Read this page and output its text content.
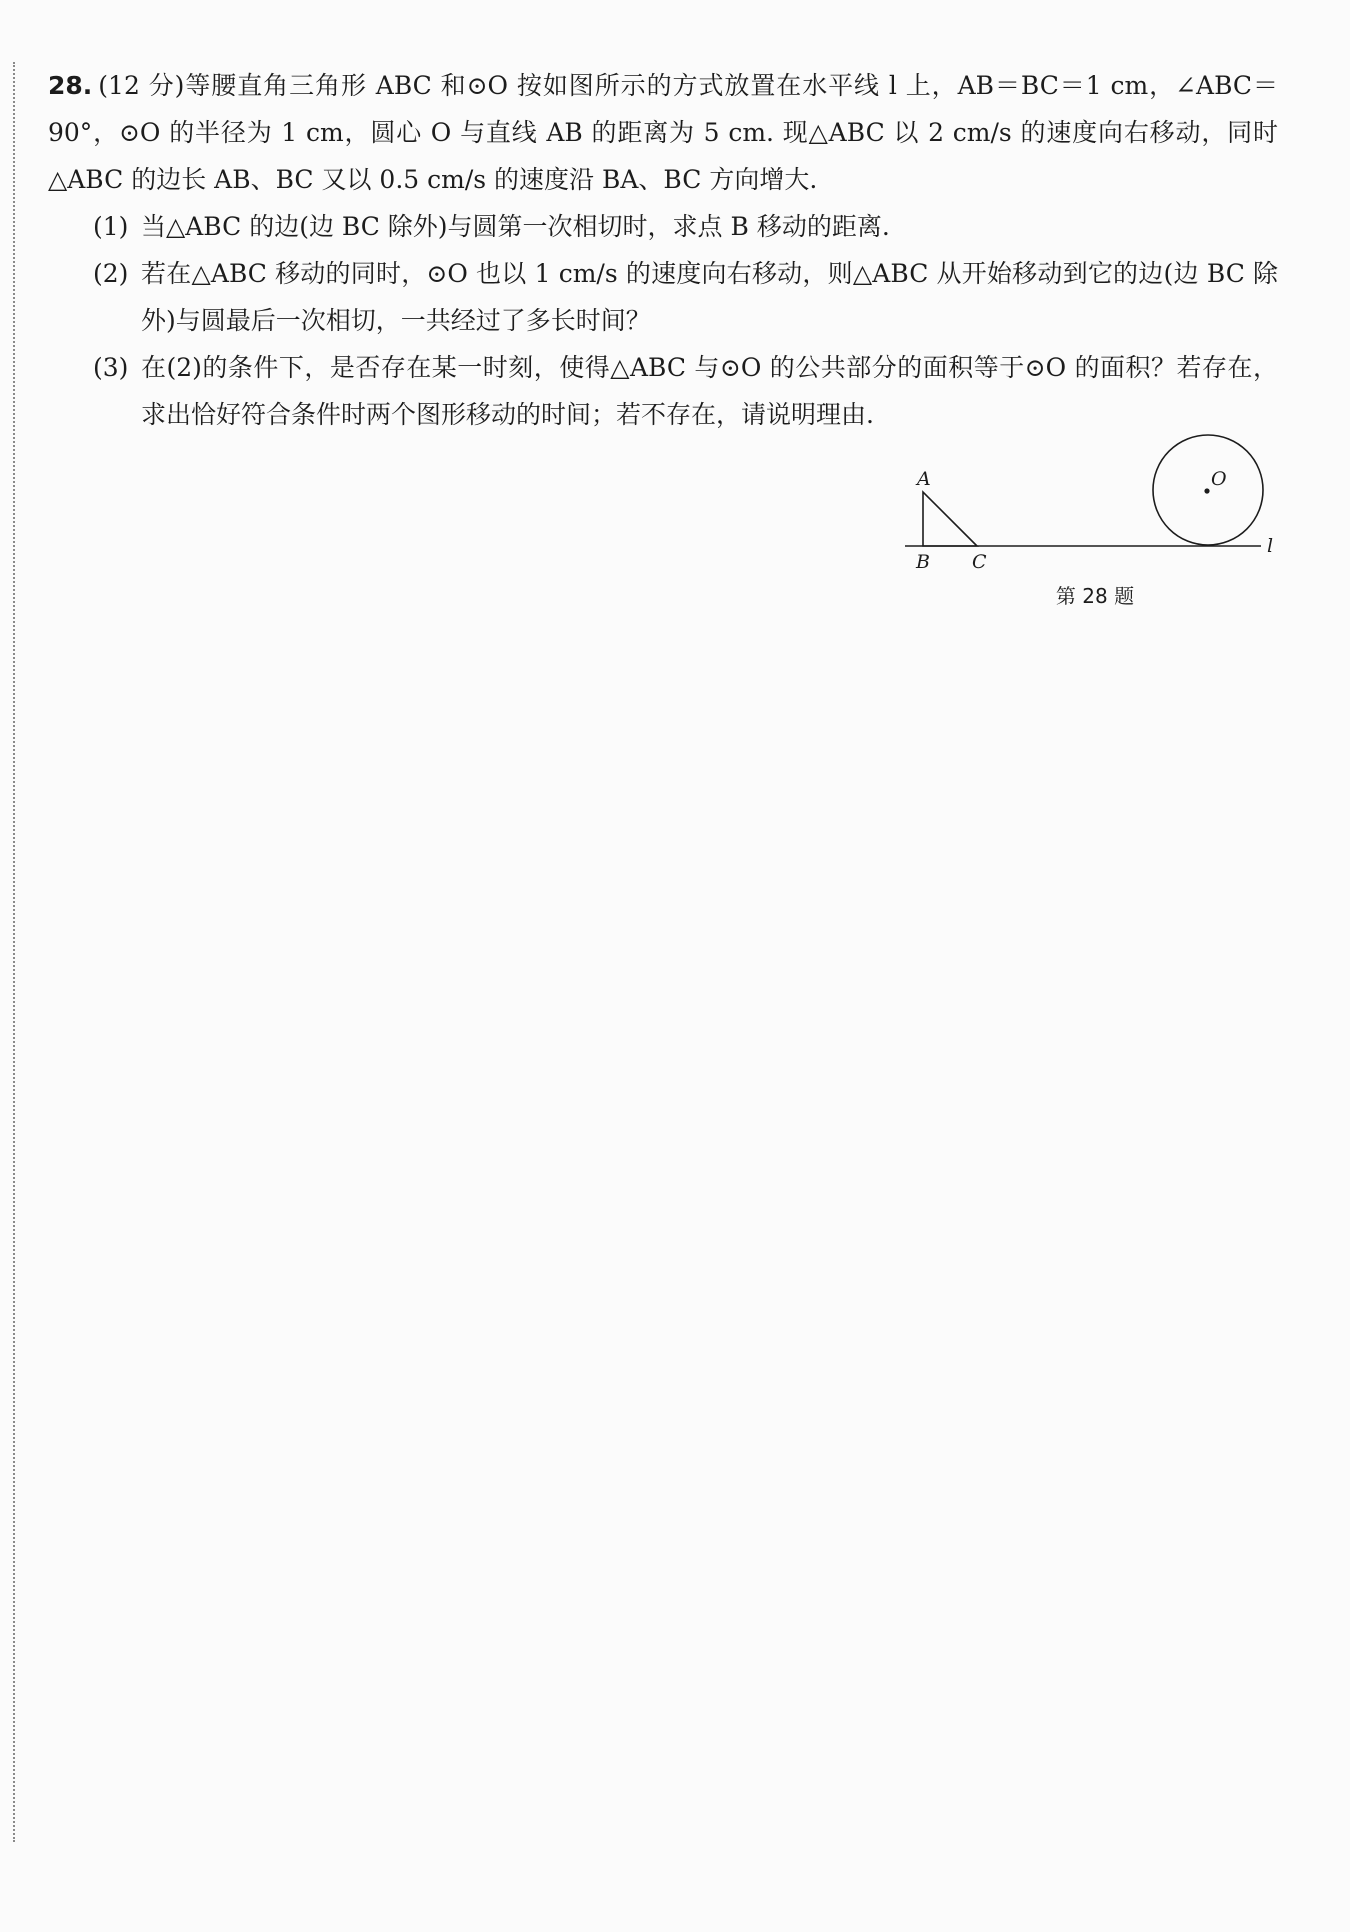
28. (12 分)等腰直角三角形 ABC 和⊙O 按如图所示的方式放置在水平线 l 上，AB＝BC＝1 cm，∠ABC＝90°，⊙O 的半径为 1 cm，圆心 O 与直线 AB 的距离为 5 cm. 现△ABC 以 2 cm/s 的速度向右移动，同时△ABC 的边长 AB、BC 又以 0.5 cm/s 的速度沿 BA、BC 方向增大.
(1) 当△ABC 的边(边 BC 除外)与圆第一次相切时，求点 B 移动的距离.
(2) 若在△ABC 移动的同时，⊙O 也以 1 cm/s 的速度向右移动，则△ABC 从开始移动到它的边(边 BC 除外)与圆最后一次相切，一共经过了多长时间？
(3) 在(2)的条件下，是否存在某一时刻，使得△ABC 与⊙O 的公共部分的面积等于⊙O 的面积？若存在，求出恰好符合条件时两个图形移动的时间；若不存在，请说明理由.
A
B C
O
l
第 28 题
